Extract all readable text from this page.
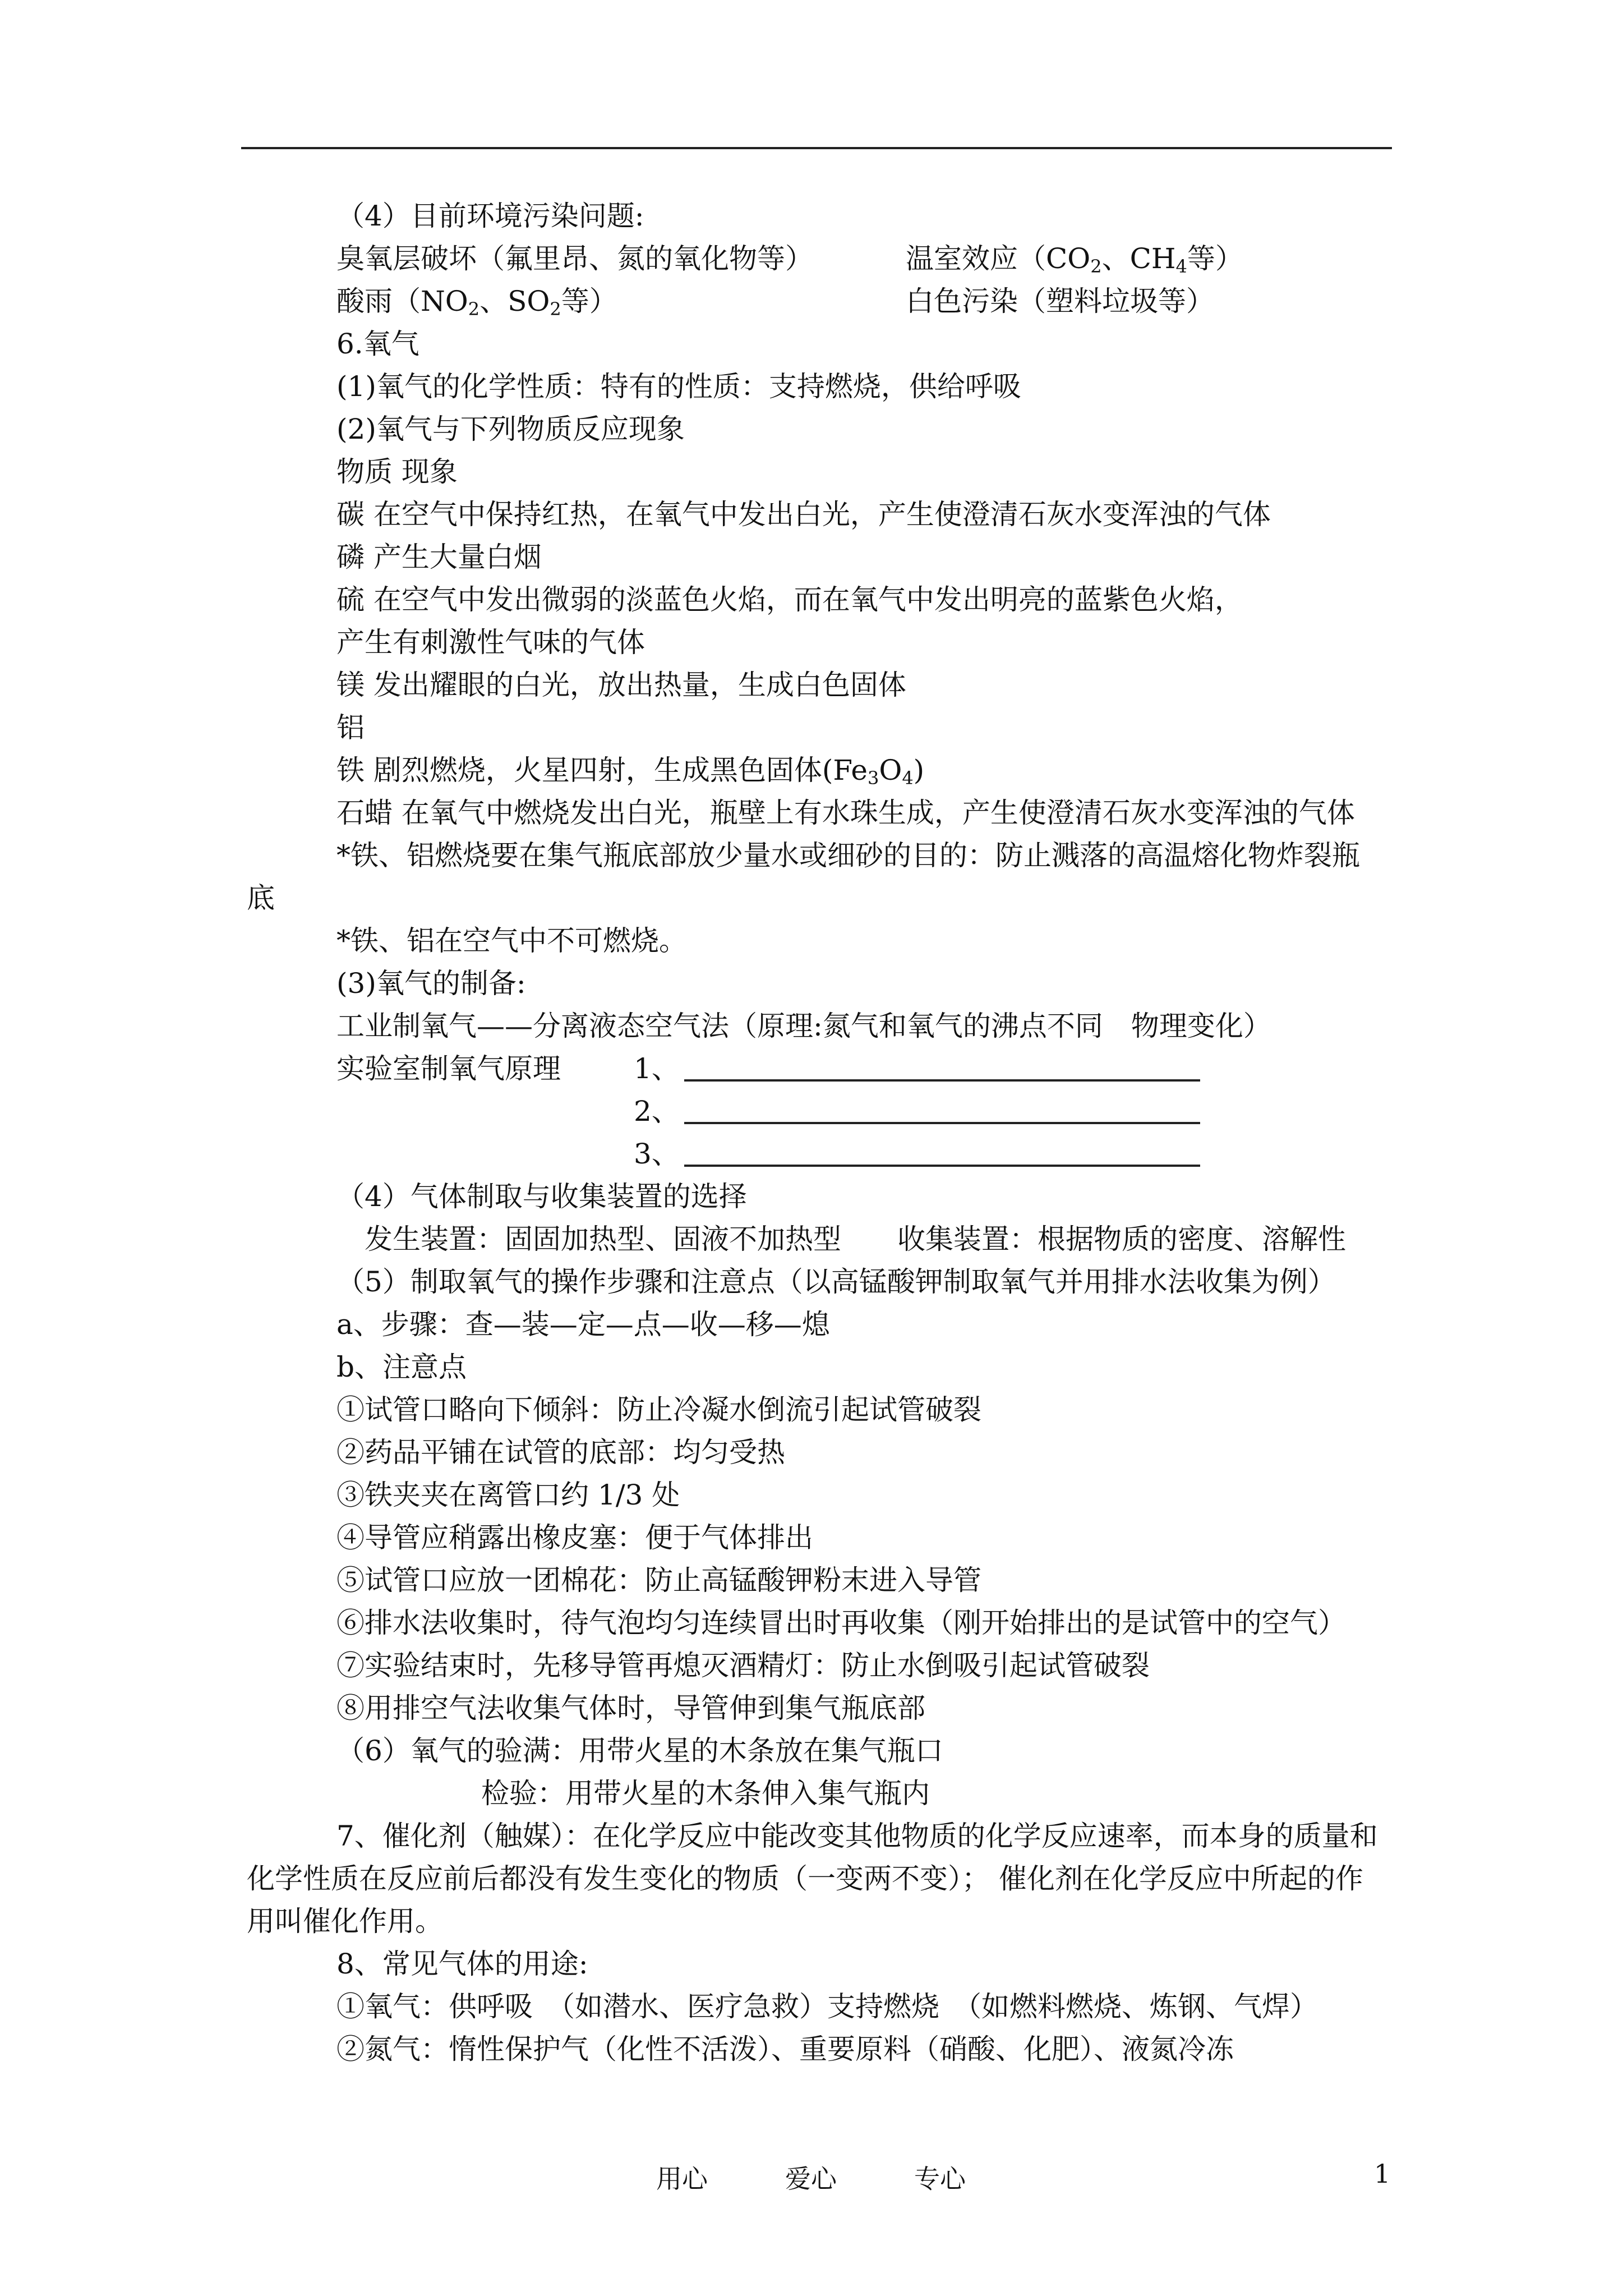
（4）目前环境污染问题:
臭氧层破坏（氟里昂、氮的氧化物等）	温室效应（$CO_2$、$CH_4$等）
酸雨（$NO_2$、$SO_2$等）	白色污染（塑料垃圾等）
6.氧气
(1)氧气的化学性质：特有的性质：支持燃烧，供给呼吸
(2)氧气与下列物质反应现象
物质 现象
碳 在空气中保持红热，在氧气中发出白光，产生使澄清石灰水变浑浊的气体
磷 产生大量白烟
硫 在空气中发出微弱的淡蓝色火焰，而在氧气中发出明亮的蓝紫色火焰，
产生有刺激性气味的气体
镁 发出耀眼的白光，放出热量，生成白色固体
铝
铁 剧烈燃烧，火星四射，生成黑色固体$(Fe_3O_4)$
石蜡 在氧气中燃烧发出白光，瓶壁上有水珠生成，产生使澄清石灰水变浑浊的气体
*铁、铝燃烧要在集气瓶底部放少量水或细砂的目的：防止溅落的高温熔化物炸裂瓶
底
*铁、铝在空气中不可燃烧。
(3)氧气的制备:
工业制氧气——分离液态空气法（原理:氮气和氧气的沸点不同　物理变化）
实验室制氧气原理	1、
2、
3、
（4）气体制取与收集装置的选择
发生装置：固固加热型、固液不加热型　　收集装置：根据物质的密度、溶解性
（5）制取氧气的操作步骤和注意点（以高锰酸钾制取氧气并用排水法收集为例）
a、步骤：查—装—定—点—收—移—熄
b、注意点
①试管口略向下倾斜：防止冷凝水倒流引起试管破裂
②药品平铺在试管的底部：均匀受热
③铁夹夹在离管口约 1/3 处
④导管应稍露出橡皮塞：便于气体排出
⑤试管口应放一团棉花：防止高锰酸钾粉末进入导管
⑥排水法收集时，待气泡均匀连续冒出时再收集（刚开始排出的是试管中的空气）
⑦实验结束时，先移导管再熄灭酒精灯：防止水倒吸引起试管破裂
⑧用排空气法收集气体时，导管伸到集气瓶底部
（6）氧气的验满：用带火星的木条放在集气瓶口
检验：用带火星的木条伸入集气瓶内
7、催化剂（触媒）：在化学反应中能改变其他物质的化学反应速率，而本身的质量和
化学性质在反应前后都没有发生变化的物质（一变两不变）； 催化剂在化学反应中所起的作
用叫催化作用。
8、常见气体的用途:
①氧气：供呼吸　（如潜水、医疗急救）支持燃烧　（如燃料燃烧、炼钢、气焊）
②氮气：惰性保护气（化性不活泼）、重要原料（硝酸、化肥）、液氮冷冻
用心　　　爱心　　　专心	1
